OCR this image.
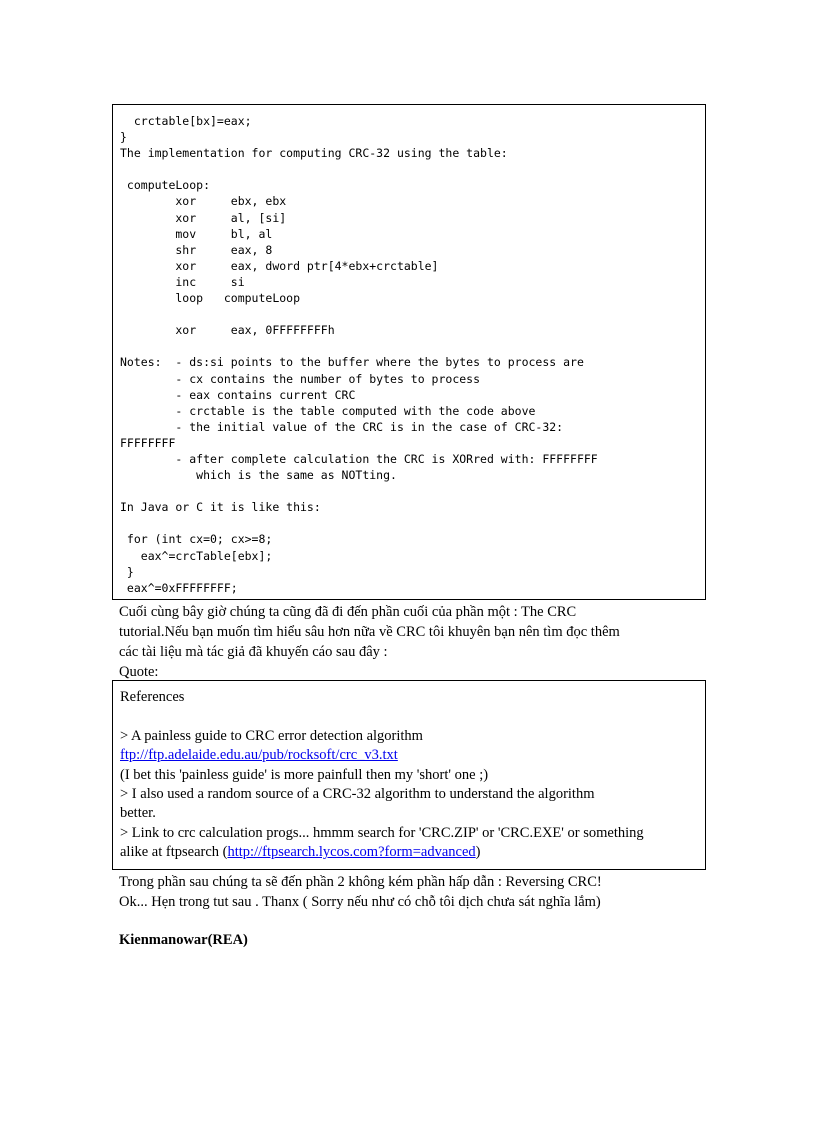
crctable[bx]=eax;
}
The implementation for computing CRC-32 using the table:
computeLoop:
xor     ebx, ebx
xor     al, [si]
mov     bl, al
shr     eax, 8
xor     eax, dword ptr[4*ebx+crctable]
inc     si
loop   computeLoop
xor     eax, 0FFFFFFFFh
Notes:  - ds:si points to the buffer where the bytes to process are
- cx contains the number of bytes to process
- eax contains current CRC
- crctable is the table computed with the code above
- the initial value of the CRC is in the case of CRC-32:
FFFFFFFF
- after complete calculation the CRC is XORred with: FFFFFFFF
which is the same as NOTting.
In Java or C it is like this:
for (int cx=0; cx>=8;
eax^=crcTable[ebx];
}
eax^=0xFFFFFFFF;
Cuối cùng bây giờ chúng ta cũng đã đi đến phần cuối của phần một : The CRC
tutorial.Nếu bạn muốn tìm hiểu sâu hơn nữa về CRC tôi khuyên bạn nên tìm đọc thêm
các tài liệu mà tác giả đã khuyến cáo sau đây :
Quote:
References
> A painless guide to CRC error detection algorithm
ftp://ftp.adelaide.edu.au/pub/rocksoft/crc_v3.txt
(I bet this 'painless guide' is more painfull then my 'short' one ;)
> I also used a random source of a CRC-32 algorithm to understand the algorithm
better.
> Link to crc calculation progs... hmmm search for 'CRC.ZIP' or 'CRC.EXE' or something
alike at ftpsearch (http://ftpsearch.lycos.com?form=advanced)
Trong phần sau chúng ta sẽ đến phần 2 không kém phần hấp dẫn : Reversing CRC!
Ok... Hẹn trong tut sau . Thanx ( Sorry nếu như có chỗ tôi dịch chưa sát nghĩa lắm)
Kienmanowar(REA)
